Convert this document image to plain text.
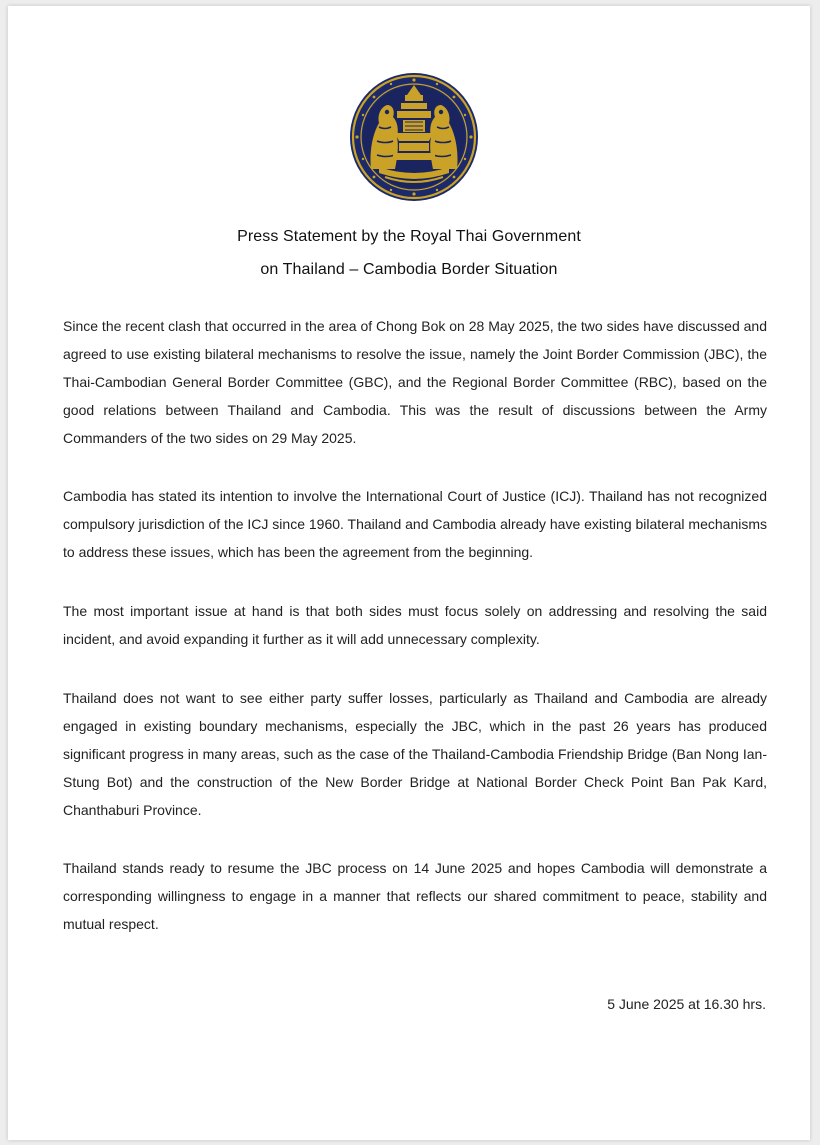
Press Statement by the Royal Thai Government
on Thailand – Cambodia Border Situation

Since the recent clash that occurred in the area of Chong Bok on 28 May 2025, the two sides have discussed and agreed to use existing bilateral mechanisms to resolve the issue, namely the Joint Border Commission (JBC), the Thai-Cambodian General Border Committee (GBC), and the Regional Border Committee (RBC), based on the good relations between Thailand and Cambodia. This was the result of discussions between the Army Commanders of the two sides on 29 May 2025.

Cambodia has stated its intention to involve the International Court of Justice (ICJ). Thailand has not recognized compulsory jurisdiction of the ICJ since 1960. Thailand and Cambodia already have existing bilateral mechanisms to address these issues, which has been the agreement from the beginning.

The most important issue at hand is that both sides must focus solely on addressing and resolving the said incident, and avoid expanding it further as it will add unnecessary complexity.

Thailand does not want to see either party suffer losses, particularly as Thailand and Cambodia are already engaged in existing boundary mechanisms, especially the JBC, which in the past 26 years has produced significant progress in many areas, such as the case of the Thailand-Cambodia Friendship Bridge (Ban Nong Ian-Stung Bot) and the construction of the New Border Bridge at National Border Check Point Ban Pak Kard, Chanthaburi Province.

Thailand stands ready to resume the JBC process on 14 June 2025 and hopes Cambodia will demonstrate a corresponding willingness to engage in a manner that reflects our shared commitment to peace, stability and mutual respect.

5 June 2025 at 16.30 hrs.
